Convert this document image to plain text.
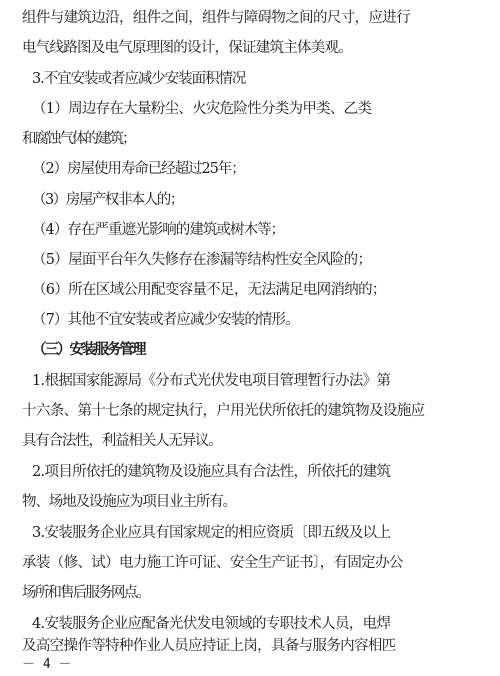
组件与建筑边沿，组件之间，组件与障碍物之间的尺寸，应进行
电气线路图及电气原理图的设计，保证建筑主体美观。
3.不宜安装或者应减少安装面积情况
（1）周边存在大量粉尘、火灾危险性分类为甲类、乙类
和腐蚀气体的建筑；
（2）房屋使用寿命已经超过25年；
（3）房屋产权非本人的；
（4）存在严重遮光影响的建筑或树木等；
（5）屋面平台年久失修存在渗漏等结构性安全风险的；
（6）所在区域公用配变容量不足，无法满足电网消纳的；
（7）其他不宜安装或者应减少安装的情形。
（三）安装服务管理
1.根据国家能源局《分布式光伏发电项目管理暂行办法》第
十六条、第十七条的规定执行，户用光伏所依托的建筑物及设施应
具有合法性，利益相关人无异议。
2.项目所依托的建筑物及设施应具有合法性，所依托的建筑
物、场地及设施应为项目业主所有。
3.安装服务企业应具有国家规定的相应资质〔即五级及以上
承装（修、试）电力施工许可证、安全生产证书〕，有固定办公
场所和售后服务网点。
4.安装服务企业应配备光伏发电领域的专职技术人员，电焊
－ 4 －
及高空操作等特种作业人员应持证上岗，具备与服务内容相匹
